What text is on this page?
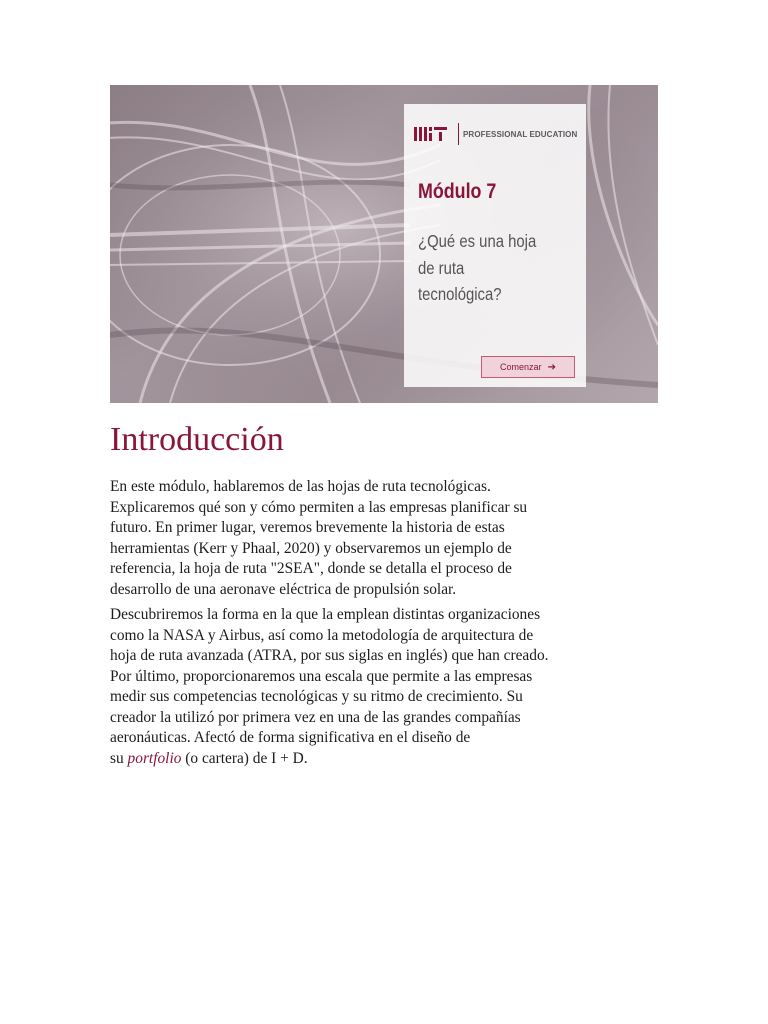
PROFESSIONAL EDUCATION
Módulo 7
¿Qué es una hoja
de ruta
tecnológica?
Comenzar ➔
Introducción

En este módulo, hablaremos de las hojas de ruta tecnológicas.
Explicaremos qué son y cómo permiten a las empresas planificar su
futuro. En primer lugar, veremos brevemente la historia de estas
herramientas (Kerr y Phaal, 2020) y observaremos un ejemplo de
referencia, la hoja de ruta "2SEA", donde se detalla el proceso de
desarrollo de una aeronave eléctrica de propulsión solar.

Descubriremos la forma en la que la emplean distintas organizaciones
como la NASA y Airbus, así como la metodología de arquitectura de
hoja de ruta avanzada (ATRA, por sus siglas en inglés) que han creado.
Por último, proporcionaremos una escala que permite a las empresas
medir sus competencias tecnológicas y su ritmo de crecimiento. Su
creador la utilizó por primera vez en una de las grandes compañías
aeronáuticas. Afectó de forma significativa en el diseño de
su portfolio (o cartera) de I + D.
